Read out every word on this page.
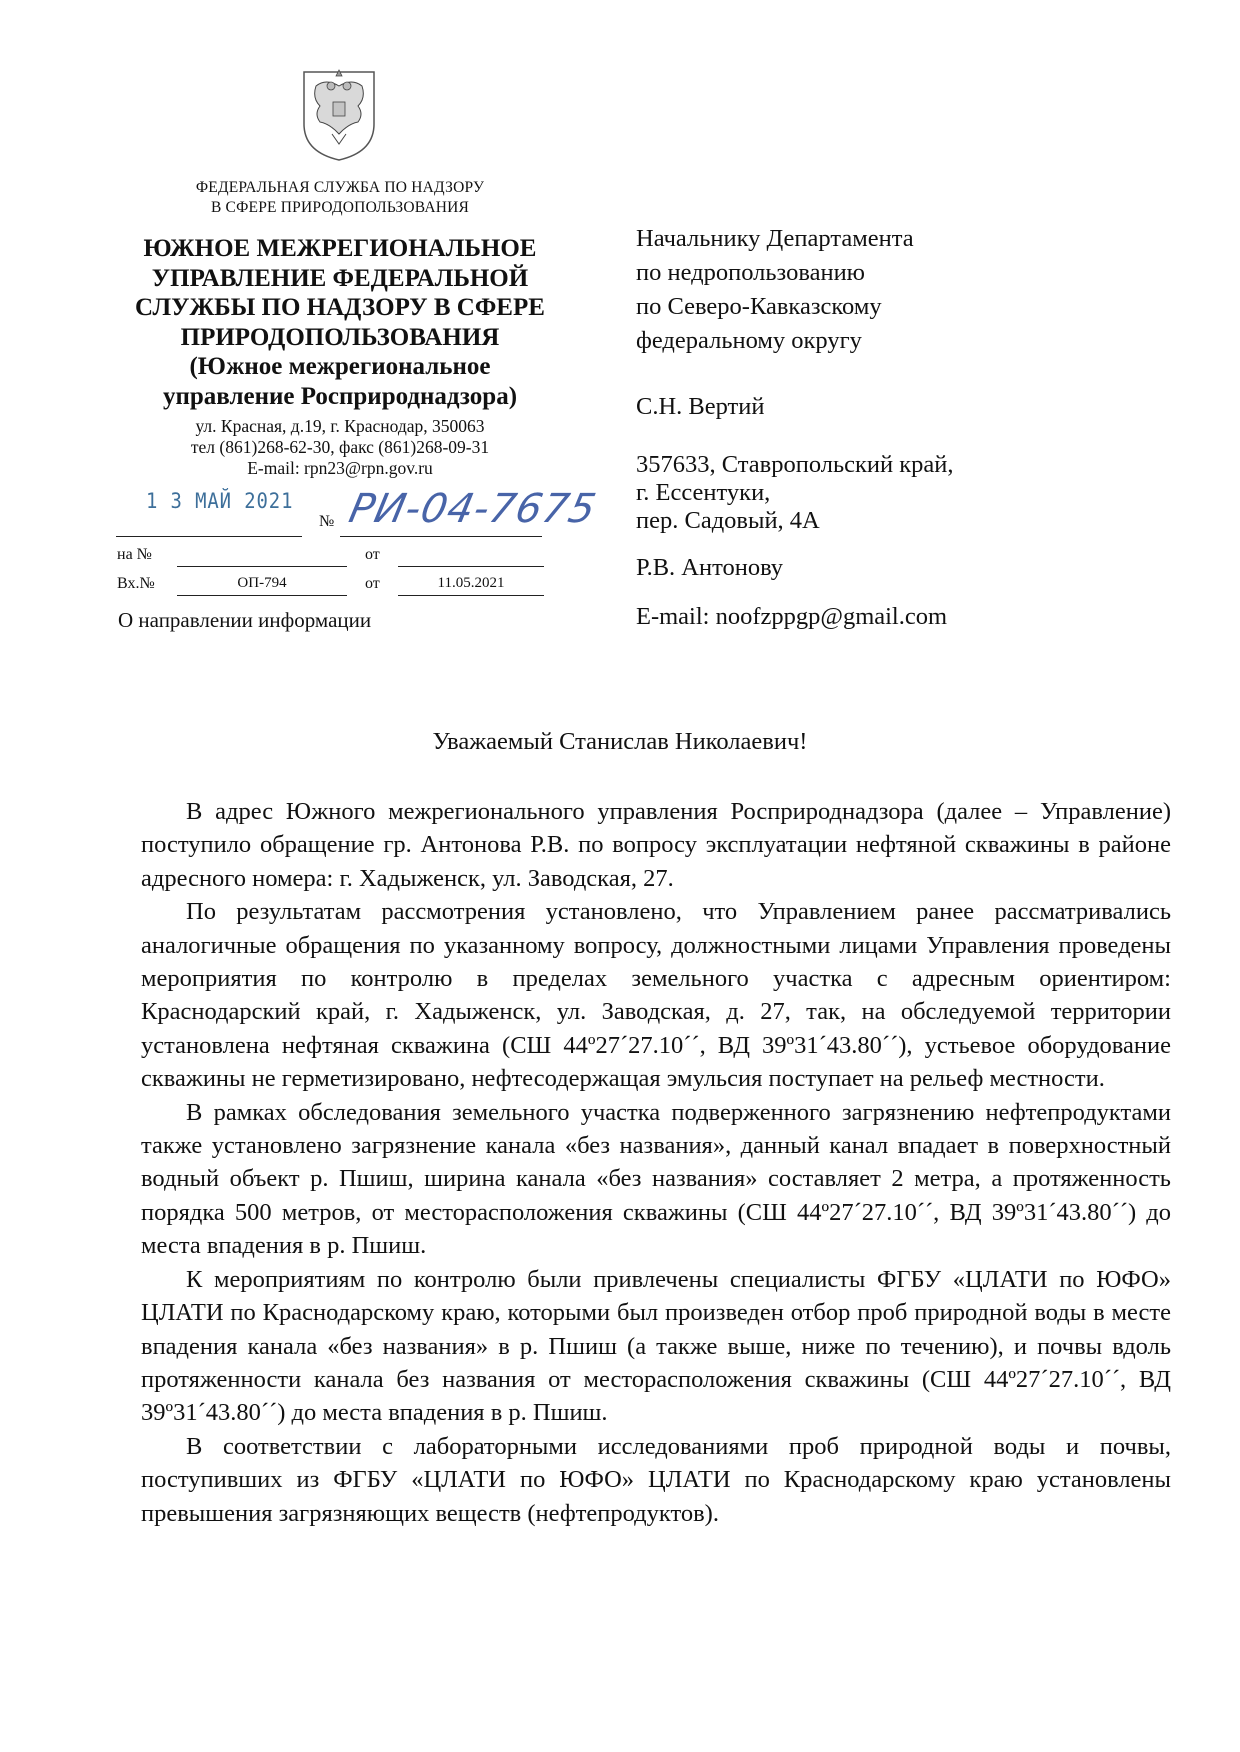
ФЕДЕРАЛЬНАЯ СЛУЖБА ПО НАДЗОРУ
В СФЕРЕ ПРИРОДОПОЛЬЗОВАНИЯ
ЮЖНОЕ МЕЖРЕГИОНАЛЬНОЕ
УПРАВЛЕНИЕ ФЕДЕРАЛЬНОЙ
СЛУЖБЫ ПО НАДЗОРУ В СФЕРЕ
ПРИРОДОПОЛЬЗОВАНИЯ
(Южное межрегиональное
управление Росприроднадзора)
ул. Красная, д.19, г. Краснодар, 350063
тел (861)268-62-30, факс (861)268-09-31
E-mail: rpn23@rpn.gov.ru
1 3 МАЙ 2021
№ РИ-04-7675
на №	от
Вх.№	ОП-794	от	11.05.2021
О направлении информации
Начальнику Департамента
по недропользованию
по Северо-Кавказскому
федеральному округу
С.Н. Вертий
357633, Ставропольский край,
г. Ессентуки,
пер. Садовый, 4А
Р.В. Антонову
E-mail: noofzppgp@gmail.com
Уважаемый Станислав Николаевич!

В адрес Южного межрегионального управления Росприроднадзора (далее – Управление) поступило обращение гр. Антонова Р.В. по вопросу эксплуатации нефтяной скважины в районе адресного номера: г. Хадыженск, ул. Заводская, 27.

По результатам рассмотрения установлено, что Управлением ранее рассматривались аналогичные обращения по указанному вопросу, должностными лицами Управления проведены мероприятия по контролю в пределах земельного участка с адресным ориентиром: Краснодарский край, г. Хадыженск, ул. Заводская, д. 27, так, на обследуемой территории установлена нефтяная скважина (СШ 44º27´27.10´´, ВД 39º31´43.80´´), устьевое оборудование скважины не герметизировано, нефтесодержащая эмульсия поступает на рельеф местности.

В рамках обследования земельного участка подверженного загрязнению нефтепродуктами также установлено загрязнение канала «без названия», данный канал впадает в поверхностный водный объект р. Пшиш, ширина канала «без названия» составляет 2 метра, а протяженность порядка 500 метров, от месторасположения скважины (СШ 44º27´27.10´´, ВД 39º31´43.80´´) до места впадения в р. Пшиш.

К мероприятиям по контролю были привлечены специалисты ФГБУ «ЦЛАТИ по ЮФО» ЦЛАТИ по Краснодарскому краю, которыми был произведен отбор проб природной воды в месте впадения канала «без названия» в р. Пшиш (а также выше, ниже по течению), и почвы вдоль протяженности канала без названия от месторасположения скважины (СШ 44º27´27.10´´, ВД 39º31´43.80´´) до места впадения в р. Пшиш.

В соответствии с лабораторными исследованиями проб природной воды и почвы, поступивших из ФГБУ «ЦЛАТИ по ЮФО» ЦЛАТИ по Краснодарскому краю установлены превышения загрязняющих веществ (нефтепродуктов).
